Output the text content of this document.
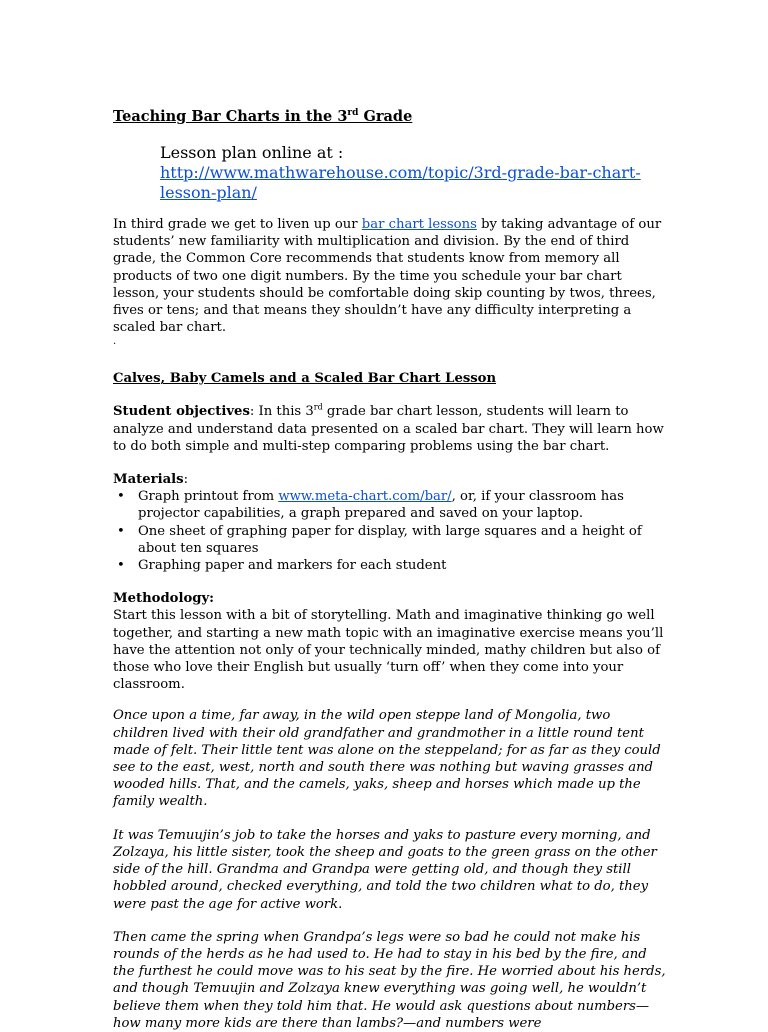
Teaching Bar Charts in the 3rd Grade

Lesson plan online at : http://www.mathwarehouse.com/topic/3rd-grade-bar-chart-lesson-plan/

In third grade we get to liven up our bar chart lessons by taking advantage of our students’ new familiarity with multiplication and division. By the end of third grade, the Common Core recommends that students know from memory all products of two one digit numbers. By the time you schedule your bar chart lesson, your students should be comfortable doing skip counting by twos, threes, fives or tens; and that means they shouldn’t have any difficulty interpreting a scaled bar chart.

.

Calves, Baby Camels and a Scaled Bar Chart Lesson

Student objectives: In this 3rd grade bar chart lesson, students will learn to analyze and understand data presented on a scaled bar chart. They will learn how to do both simple and multi-step comparing problems using the bar chart.

Materials:

• Graph printout from www.meta-chart.com/bar/, or, if your classroom has projector capabilities, a graph prepared and saved on your laptop.
• One sheet of graphing paper for display, with large squares and a height of about ten squares
• Graphing paper and markers for each student

Methodology:

Start this lesson with a bit of storytelling. Math and imaginative thinking go well together, and starting a new math topic with an imaginative exercise means you’ll have the attention not only of your technically minded, mathy children but also of those who love their English but usually ‘turn off’ when they come into your classroom.

Once upon a time, far away, in the wild open steppe land of Mongolia, two children lived with their old grandfather and grandmother in a little round tent made of felt. Their little tent was alone on the steppeland; for as far as they could see to the east, west, north and south there was nothing but waving grasses and wooded hills. That, and the camels, yaks, sheep and horses which made up the family wealth.

It was Temuujin’s job to take the horses and yaks to pasture every morning, and Zolzaya, his little sister, took the sheep and goats to the green grass on the other side of the hill. Grandma and Grandpa were getting old, and though they still hobbled around, checked everything, and told the two children what to do, they were past the age for active work.

Then came the spring when Grandpa’s legs were so bad he could not make his rounds of the herds as he had used to. He had to stay in his bed by the fire, and the furthest he could move was to his seat by the fire. He worried about his herds, and though Temuujin and Zolzaya knew everything was going well, he wouldn’t believe them when they told him that. He would ask questions about numbers—how many more kids are there than lambs?—and numbers were
